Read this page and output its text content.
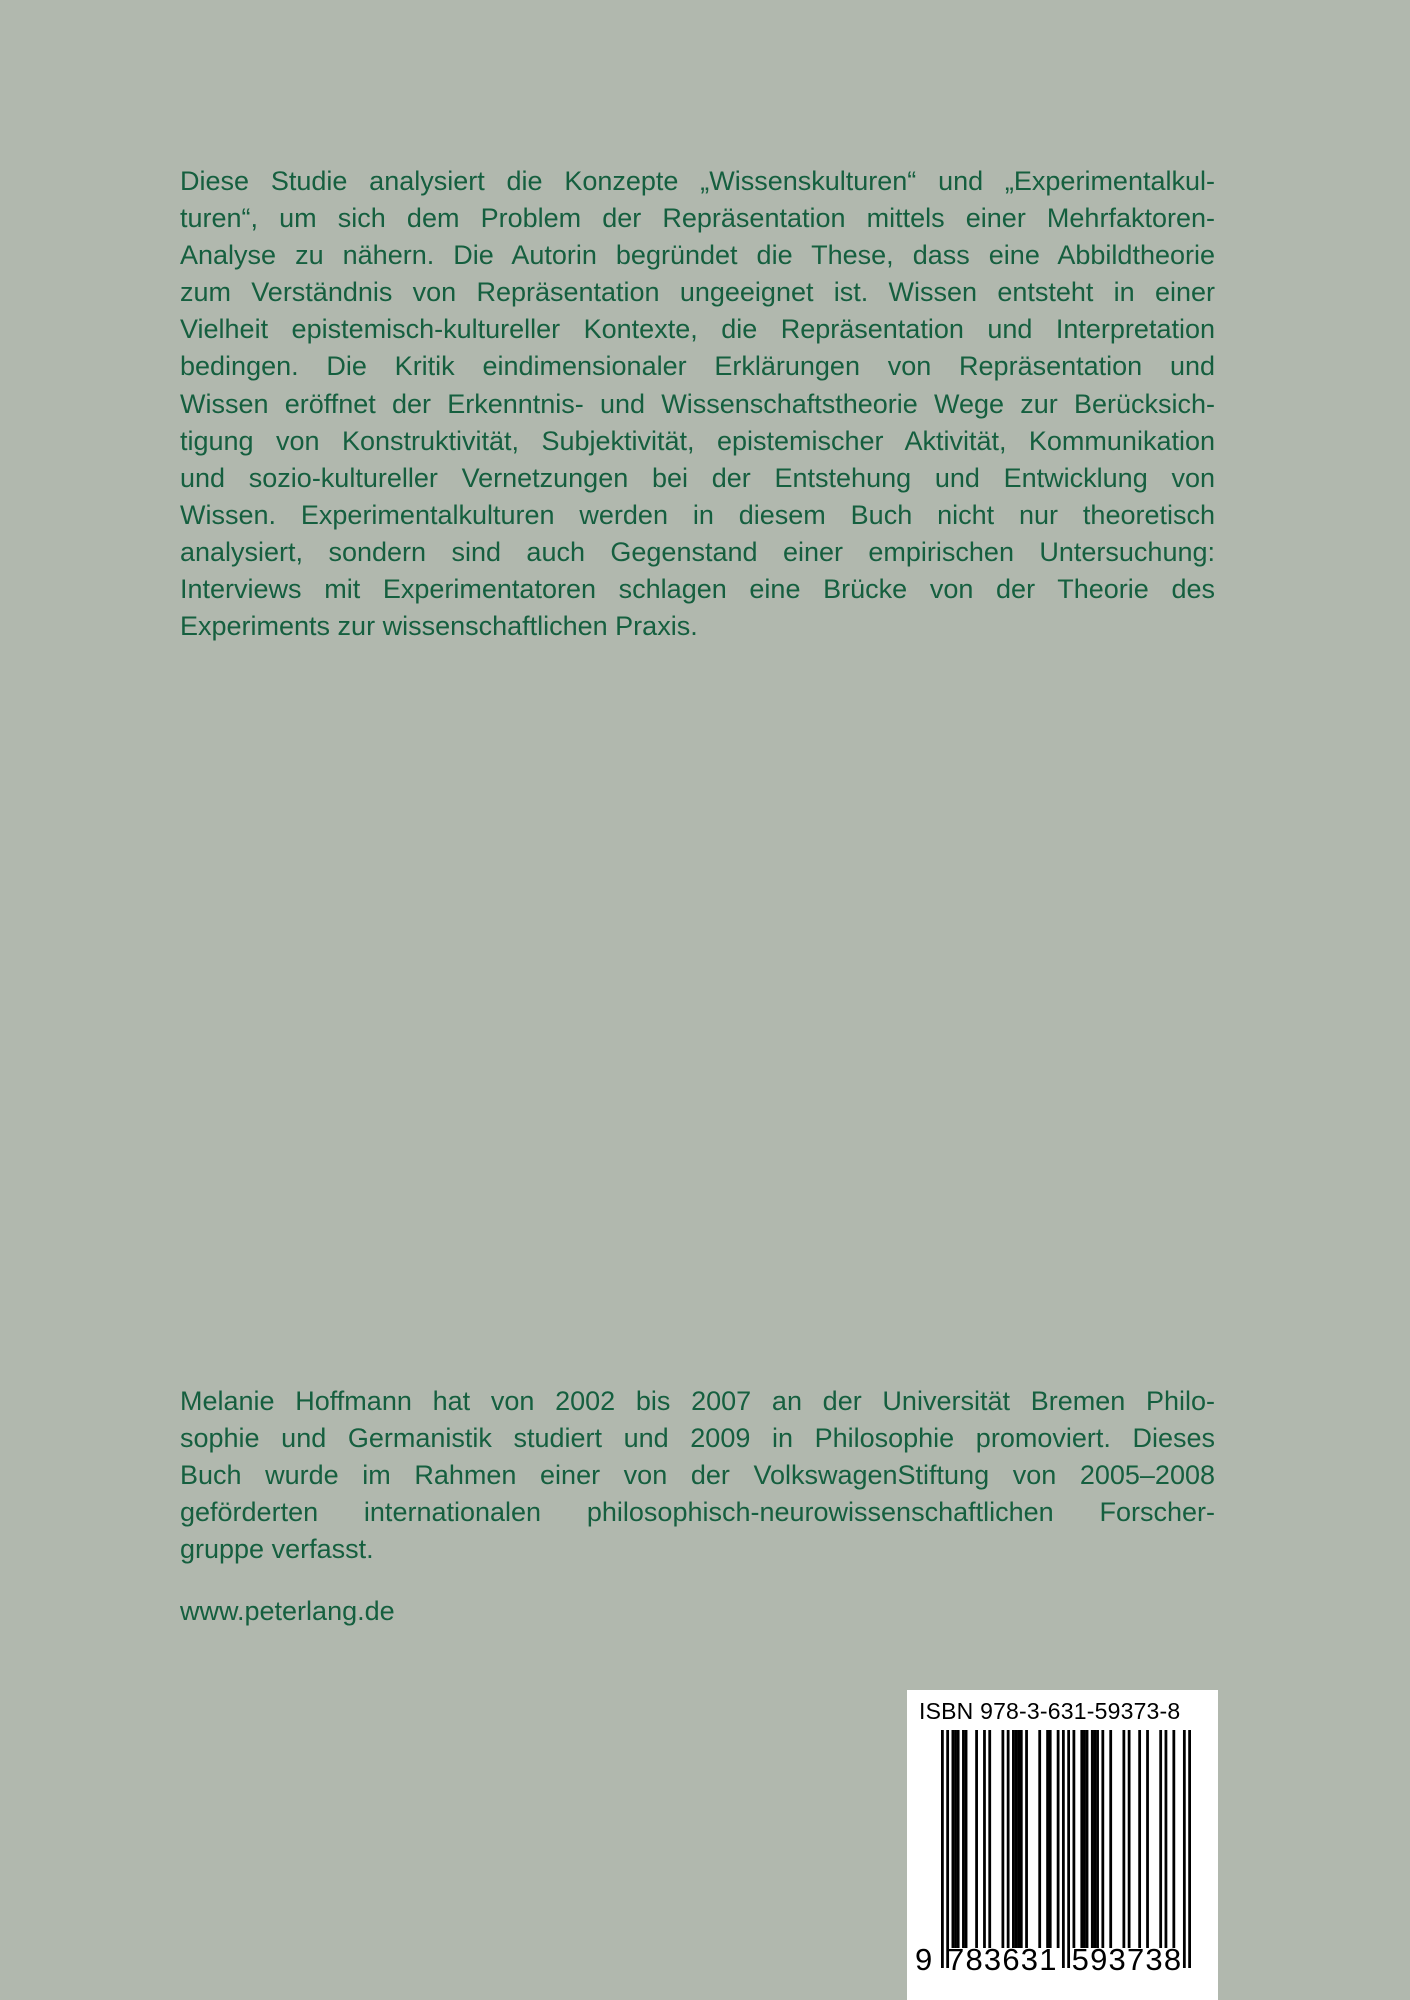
Diese Studie analysiert die Konzepte „Wissenskulturen“ und „Experimentalkul-
turen“, um sich dem Problem der Repräsentation mittels einer Mehrfaktoren-
Analyse zu nähern. Die Autorin begründet die These, dass eine Abbildtheorie
zum Verständnis von Repräsentation ungeeignet ist. Wissen entsteht in einer
Vielheit epistemisch-kultureller Kontexte, die Repräsentation und Interpretation
bedingen. Die Kritik eindimensionaler Erklärungen von Repräsentation und
Wissen eröffnet der Erkenntnis- und Wissenschaftstheorie Wege zur Berücksich-
tigung von Konstruktivität, Subjektivität, epistemischer Aktivität, Kommunikation
und sozio-kultureller Vernetzungen bei der Entstehung und Entwicklung von
Wissen. Experimentalkulturen werden in diesem Buch nicht nur theoretisch
analysiert, sondern sind auch Gegenstand einer empirischen Untersuchung:
Interviews mit Experimentatoren schlagen eine Brücke von der Theorie des
Experiments zur wissenschaftlichen Praxis.
Melanie Hoffmann hat von 2002 bis 2007 an der Universität Bremen Philo-
sophie und Germanistik studiert und 2009 in Philosophie promoviert. Dieses
Buch wurde im Rahmen einer von der VolkswagenStiftung von 2005–2008
geförderten internationalen philosophisch-neurowissenschaftlichen Forscher-
gruppe verfasst.
www.peterlang.de
ISBN 978-3-631-59373-8
9 783631 593738
